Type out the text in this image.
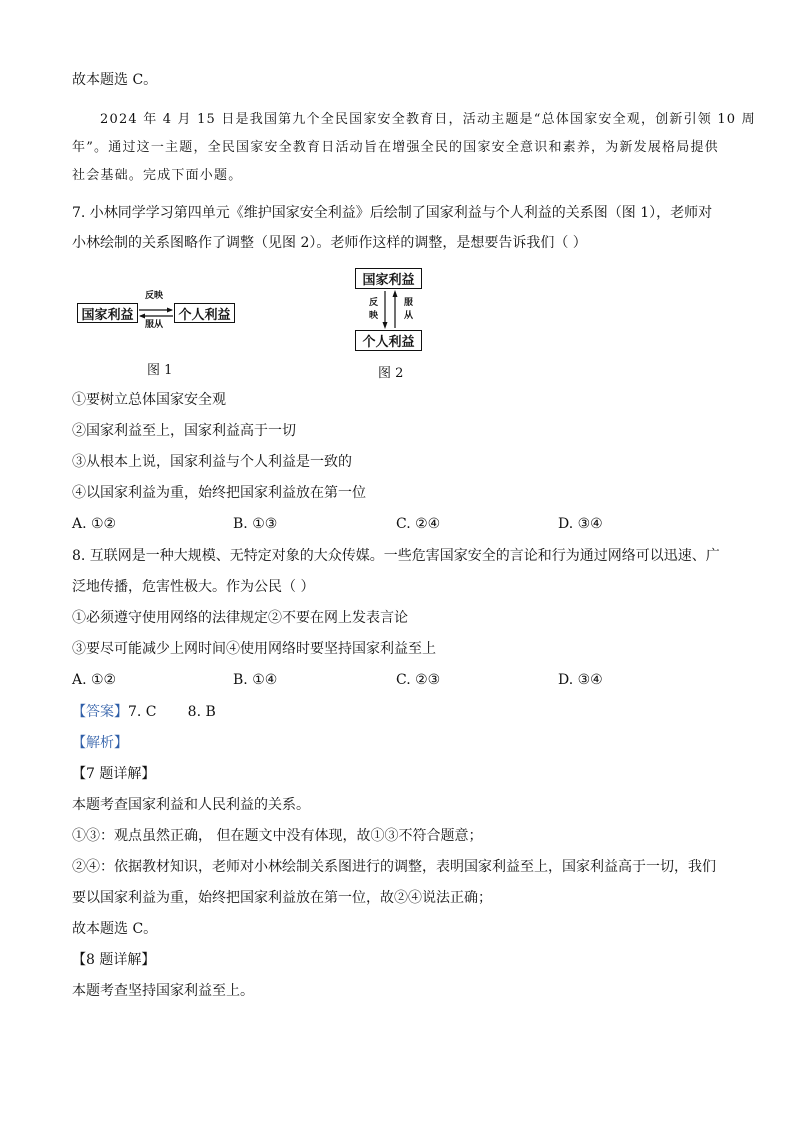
故本题选 C。
2024 年 4 月 15 日是我国第九个全民国家安全教育日，活动主题是“总体国家安全观，创新引领 10 周
年”。通过这一主题，全民国家安全教育日活动旨在增强全民的国家安全意识和素养，为新发展格局提供
社会基础。完成下面小题。
7. 小林同学学习第四单元《维护国家安全利益》后绘制了国家利益与个人利益的关系图（图 1），老师对
小林绘制的关系图略作了调整（见图 2）。老师作这样的调整，是想要告诉我们（ ）
国家利益	个人利益
反映
服从
图 1
国家利益
个人利益
反
映
服
从
图 2
①要树立总体国家安全观
②国家利益至上，国家利益高于一切
③从根本上说，国家利益与个人利益是一致的
④以国家利益为重，始终把国家利益放在第一位
A. ①②	B. ①③	C. ②④	D. ③④
8. 互联网是一种大规模、无特定对象的大众传媒。一些危害国家安全的言论和行为通过网络可以迅速、广
泛地传播，危害性极大。作为公民（ ）
①必须遵守使用网络的法律规定②不要在网上发表言论
③要尽可能减少上网时间④使用网络时要坚持国家利益至上
A. ①②	B. ①④	C. ②③	D. ③④
【答案】7. C       8. B
【解析】
【7 题详解】
本题考查国家利益和人民利益的关系。
①③：观点虽然正确， 但在题文中没有体现，故①③不符合题意；
②④：依据教材知识，老师对小林绘制关系图进行的调整，表明国家利益至上，国家利益高于一切，我们
要以国家利益为重，始终把国家利益放在第一位，故②④说法正确；
故本题选 C。
【8 题详解】
本题考查坚持国家利益至上。
